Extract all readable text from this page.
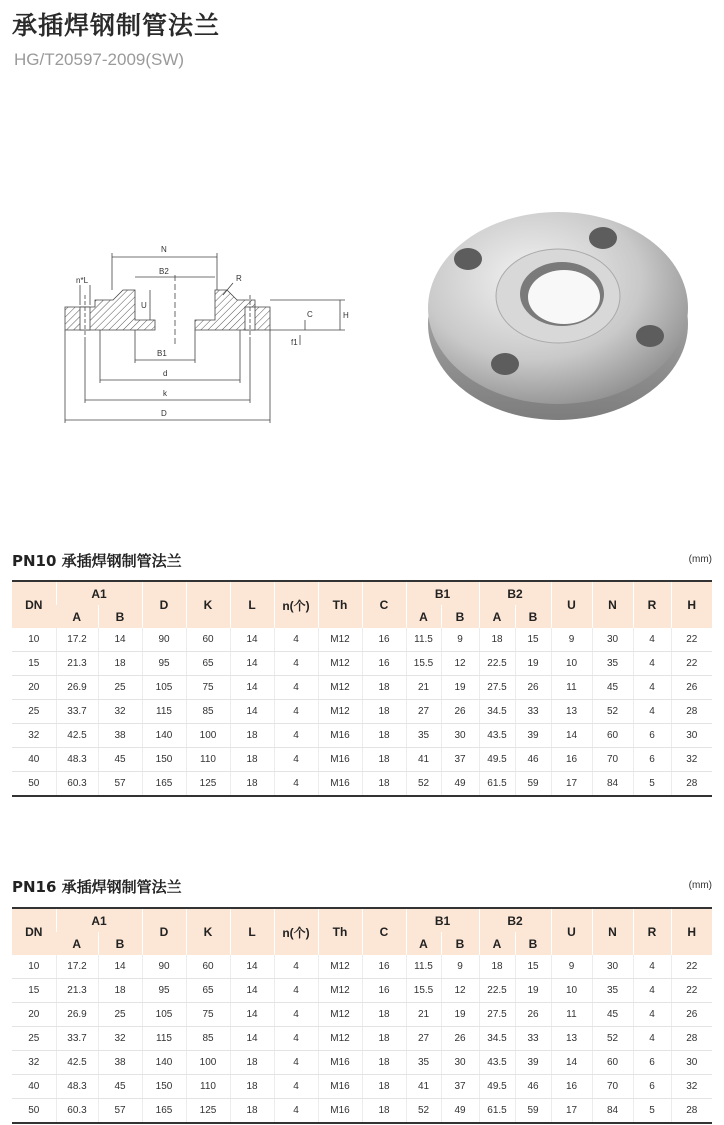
承插焊钢制管法兰
HG/T20597-2009(SW)
N
B2
R
n*L
U
C	H
f1
B1
d
k
D
PN10 承插焊钢制管法兰	(mm)
DN	A1		D	K	L	n(个)	Th	C	B1		B2		U	N	R	H
	A	B							A	B	A	B				
10	17.2	14	90	60	14	4	M12	16	11.5	9	18	15	9	30	4	22
15	21.3	18	95	65	14	4	M12	16	15.5	12	22.5	19	10	35	4	22
20	26.9	25	105	75	14	4	M12	18	21	19	27.5	26	11	45	4	26
25	33.7	32	115	85	14	4	M12	18	27	26	34.5	33	13	52	4	28
32	42.5	38	140	100	18	4	M16	18	35	30	43.5	39	14	60	6	30
40	48.3	45	150	110	18	4	M16	18	41	37	49.5	46	16	70	6	32
50	60.3	57	165	125	18	4	M16	18	52	49	61.5	59	17	84	5	28
PN16 承插焊钢制管法兰	(mm)
DN	A1		D	K	L	n(个)	Th	C	B1		B2		U	N	R	H
	A	B							A	B	A	B				
10	17.2	14	90	60	14	4	M12	16	11.5	9	18	15	9	30	4	22
15	21.3	18	95	65	14	4	M12	16	15.5	12	22.5	19	10	35	4	22
20	26.9	25	105	75	14	4	M12	18	21	19	27.5	26	11	45	4	26
25	33.7	32	115	85	14	4	M12	18	27	26	34.5	33	13	52	4	28
32	42.5	38	140	100	18	4	M16	18	35	30	43.5	39	14	60	6	30
40	48.3	45	150	110	18	4	M16	18	41	37	49.5	46	16	70	6	32
50	60.3	57	165	125	18	4	M16	18	52	49	61.5	59	17	84	5	28
